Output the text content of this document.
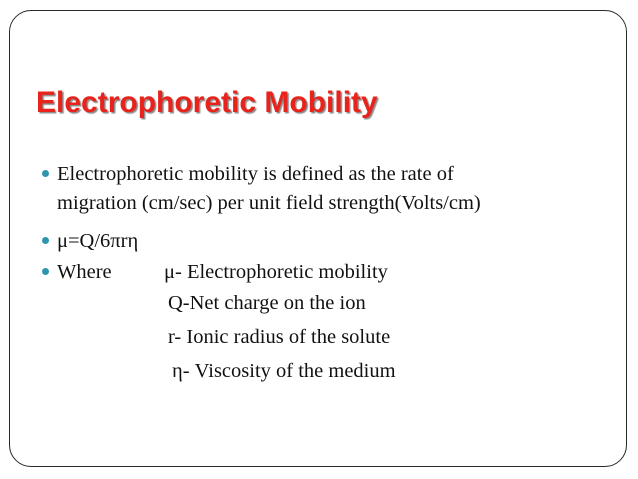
Electrophoretic Mobility
Electrophoretic mobility is defined as the rate of
migration (cm/sec) per unit field strength(Volts/cm)
μ=Q/6πrη
Where	μ- Electrophoretic mobility
Q-Net charge on the ion
r- Ionic radius of the solute
η- Viscosity of the medium
